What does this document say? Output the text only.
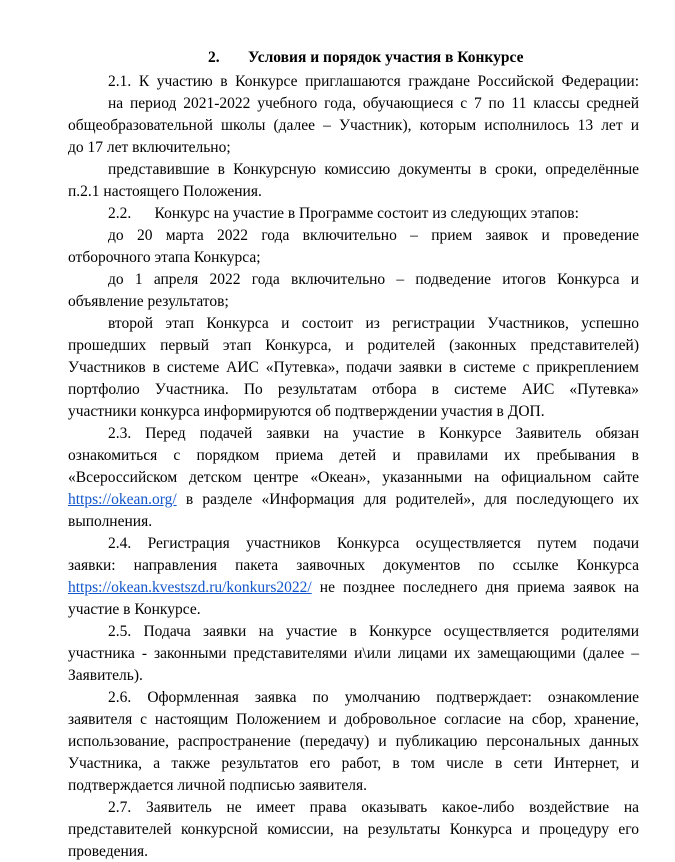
2. Условия и порядок участия в Конкурсе
2.1. К участию в Конкурсе приглашаются граждане Российской Федерации:
на период 2021-2022 учебного года, обучающиеся с 7 по 11 классы средней
общеобразовательной школы (далее – Участник), которым исполнилось 13 лет и
до 17 лет включительно;
представившие в Конкурсную комиссию документы в сроки, определённые
п.2.1 настоящего Положения.
2.2.      Конкурс на участие в Программе состоит из следующих этапов:
до 20 марта 2022 года включительно – прием заявок и проведение
отборочного этапа Конкурса;
до 1 апреля 2022 года включительно – подведение итогов Конкурса и
объявление результатов;
второй этап Конкурса и состоит из регистрации Участников, успешно
прошедших первый этап Конкурса, и родителей (законных представителей)
Участников в системе АИС «Путевка», подачи заявки в системе с прикреплением
портфолио Участника. По результатам отбора в системе АИС «Путевка»
участники конкурса информируются об подтверждении участия в ДОП.
2.3. Перед подачей заявки на участие в Конкурсе Заявитель обязан
ознакомиться с порядком приема детей и правилами их пребывания в
«Всероссийском детском центре «Океан», указанными на официальном сайте
https://okean.org/ в разделе «Информация для родителей», для последующего их
выполнения.
2.4. Регистрация участников Конкурса осуществляется путем подачи
заявки: направления пакета заявочных документов по ссылке Конкурса
https://okean.kvestszd.ru/konkurs2022/ не позднее последнего дня приема заявок на
участие в Конкурсе.
2.5. Подача заявки на участие в Конкурсе осуществляется родителями
участника - законными представителями и\или лицами их замещающими (далее –
Заявитель).
2.6. Оформленная заявка по умолчанию подтверждает: ознакомление
заявителя с настоящим Положением и добровольное согласие на сбор, хранение,
использование, распространение (передачу) и публикацию персональных данных
Участника, а также результатов его работ, в том числе в сети Интернет, и
подтверждается личной подписью заявителя.
2.7. Заявитель не имеет права оказывать какое-либо воздействие на
представителей конкурсной комиссии, на результаты Конкурса и процедуру его
проведения.
